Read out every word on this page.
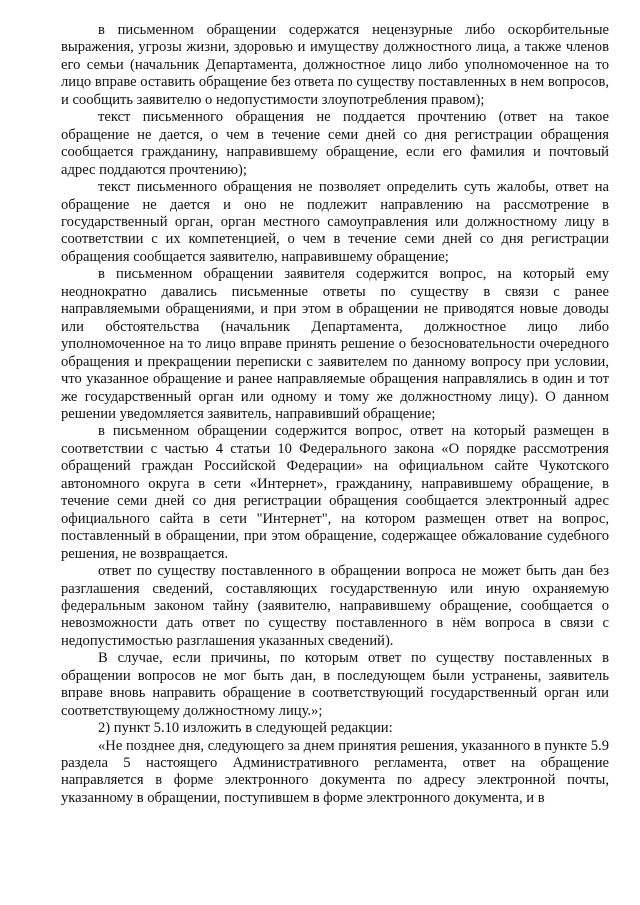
в письменном обращении содержатся нецензурные либо оскорбительные выражения, угрозы жизни, здоровью и имуществу должностного лица, а также членов его семьи (начальник Департамента, должностное лицо либо уполномоченное на то лицо вправе оставить обращение без ответа по существу поставленных в нем вопросов, и сообщить заявителю о недопустимости злоупотребления правом);

текст письменного обращения не поддается прочтению (ответ на такое обращение не дается, о чем в течение семи дней со дня регистрации обращения сообщается гражданину, направившему обращение, если его фамилия и почтовый адрес поддаются прочтению);

текст письменного обращения не позволяет определить суть жалобы, ответ на обращение не дается и оно не подлежит направлению на рассмотрение в государственный орган, орган местного самоуправления или должностному лицу в соответствии с их компетенцией, о чем в течение семи дней со дня регистрации обращения сообщается заявителю, направившему обращение;

в письменном обращении заявителя содержится вопрос, на который ему неоднократно давались письменные ответы по существу в связи с ранее направляемыми обращениями, и при этом в обращении не приводятся новые доводы или обстоятельства (начальник Департамента, должностное лицо либо уполномоченное на то лицо вправе принять решение о безосновательности очередного обращения и прекращении переписки с заявителем по данному вопросу при условии, что указанное обращение и ранее направляемые обращения направлялись в один и тот же государственный орган или одному и тому же должностному лицу). О данном решении уведомляется заявитель, направивший обращение;

в письменном обращении содержится вопрос, ответ на который размещен в соответствии с частью 4 статьи 10 Федерального закона «О порядке рассмотрения обращений граждан Российской Федерации» на официальном сайте Чукотского автономного округа в сети «Интернет», гражданину, направившему обращение, в течение семи дней со дня регистрации обращения сообщается электронный адрес официального сайта в сети "Интернет", на котором размещен ответ на вопрос, поставленный в обращении, при этом обращение, содержащее обжалование судебного решения, не возвращается.

ответ по существу поставленного в обращении вопроса не может быть дан без разглашения сведений, составляющих государственную или иную охраняемую федеральным законом тайну (заявителю, направившему обращение, сообщается о невозможности дать ответ по существу поставленного в нём вопроса в связи с недопустимостью разглашения указанных сведений).

В случае, если причины, по которым ответ по существу поставленных в обращении вопросов не мог быть дан, в последующем были устранены, заявитель вправе вновь направить обращение в соответствующий государственный орган или соответствующему должностному лицу.»;

2) пункт 5.10 изложить в следующей редакции:

«Не позднее дня, следующего за днем принятия решения, указанного в пункте 5.9 раздела 5 настоящего Административного регламента, ответ на обращение направляется в форме электронного документа по адресу электронной почты, указанному в обращении, поступившем в форме электронного документа, и в
